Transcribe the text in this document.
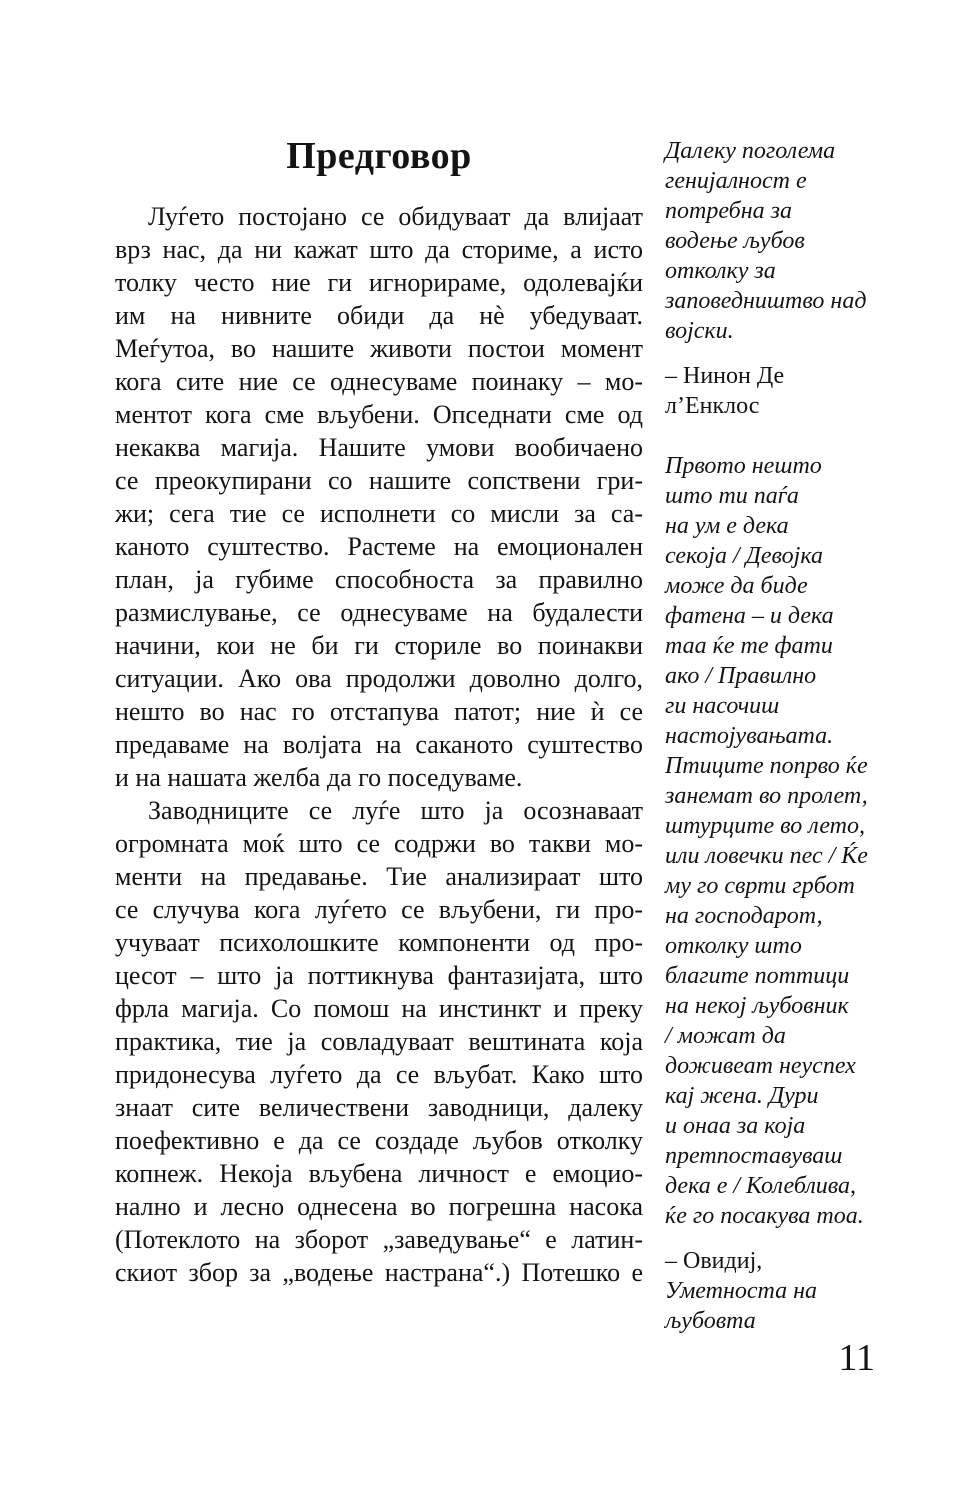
Предговор
Луѓето постојано се обидуваат да влијаат
врз нас, да ни кажат што да сториме, а исто
толку често ние ги игнорираме, одолевајќи
им на нивните обиди да нѐ убедуваат.
Меѓутоа, во нашите животи постои момент
кога сите ние се однесуваме поинаку – мо-
ментот кога сме вљубени. Опседнати сме од
некаква магија. Нашите умови вообичаено
се преокупирани со нашите сопствени гри-
жи; сега тие се исполнети со мисли за са-
каното суштество. Растеме на емоционален
план, ја губиме способноста за правилно
размислување, се однесуваме на будалести
начини, кои не би ги сториле во поинакви
ситуации. Ако ова продолжи доволно долго,
нешто во нас го отстапува патот; ние ѝ се
предаваме на волјата на саканото суштество
и на нашата желба да го поседуваме.
Заводниците се луѓе што ја осознаваат
огромната моќ што се содржи во такви мо-
менти на предавање. Тие анализираат што
се случува кога луѓето се вљубени, ги про-
учуваат психолошките компоненти од про-
цесот – што ја поттикнува фантазијата, што
фрла магија. Со помош на инстинкт и преку
практика, тие ја совладуваат вештината која
придонесува луѓето да се вљубат. Како што
знаат сите величествени заводници, далеку
поефективно е да се создаде љубов отколку
копнеж. Некоја вљубена личност е емоцио-
нално и лесно однесена во погрешна насока
(Потеклото на зборот „заведување“ е латин-
скиот збор за „водење настрана“.) Потешко е
Далеку поголема
генијалност е
потребна за
водење љубов
отколку за
заповедништво над
војски.
– Нинон Де
л’Енклос
Првото нешто
што ти паѓа
на ум е дека
секоја / Девојка
може да биде
фатена – и дека
таа ќе те фати
ако / Правилно
ги насочиш
настојувањата.
Птиците попрво ќе
занемат во пролет,
штурците во лето,
или ловечки пес / Ќе
му го сврти грбот
на господарот,
отколку што
благите поттици
на некој љубовник
/ можат да
доживеат неуспех
кај жена. Дури
и онаа за која
претпоставуваш
дека е / Колеблива,
ќе го посакува тоа.
– Овидиј,
Уметноста на
љубовта
11
